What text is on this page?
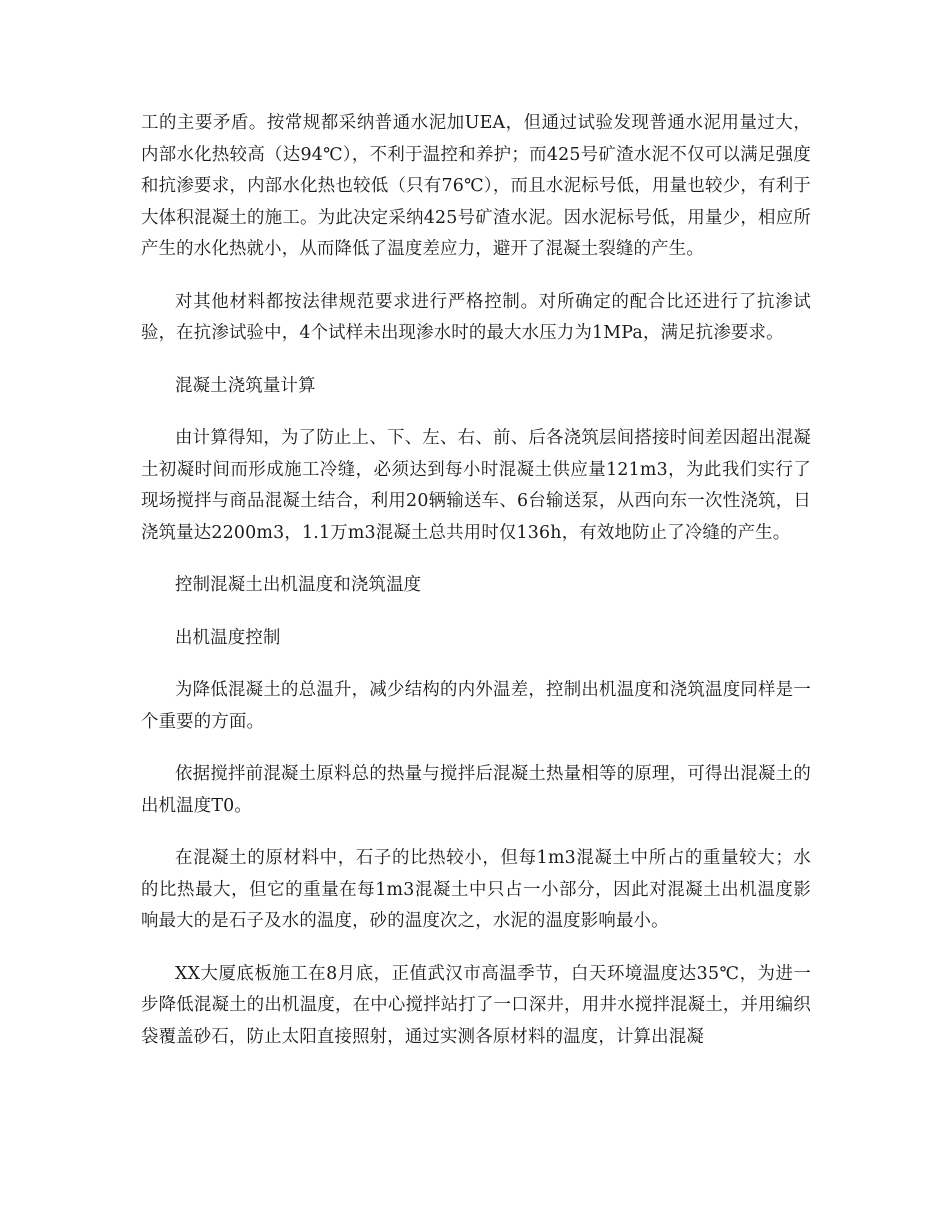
工的主要矛盾。按常规都采纳普通水泥加UEA，但通过试验发现普通水泥用量过大，内部水化热较高（达94℃），不利于温控和养护；而425号矿渣水泥不仅可以满足强度和抗渗要求，内部水化热也较低（只有76℃），而且水泥标号低，用量也较少，有利于大体积混凝土的施工。为此决定采纳425号矿渣水泥。因水泥标号低，用量少，相应所产生的水化热就小，从而降低了温度差应力，避开了混凝土裂缝的产生。

对其他材料都按法律规范要求进行严格控制。对所确定的配合比还进行了抗渗试验，在抗渗试验中，4个试样未出现渗水时的最大水压力为1MPa，满足抗渗要求。

混凝土浇筑量计算

由计算得知，为了防止上、下、左、右、前、后各浇筑层间搭接时间差因超出混凝土初凝时间而形成施工冷缝，必须达到每小时混凝土供应量121m3，为此我们实行了现场搅拌与商品混凝土结合，利用20辆输送车、6台输送泵，从西向东一次性浇筑，日浇筑量达2200m3，1.1万m3混凝土总共用时仅136h，有效地防止了冷缝的产生。

控制混凝土出机温度和浇筑温度

出机温度控制

为降低混凝土的总温升，减少结构的内外温差，控制出机温度和浇筑温度同样是一个重要的方面。

依据搅拌前混凝土原料总的热量与搅拌后混凝土热量相等的原理，可得出混凝土的出机温度T0。

在混凝土的原材料中，石子的比热较小，但每1m3混凝土中所占的重量较大；水的比热最大，但它的重量在每1m3混凝土中只占一小部分，因此对混凝土出机温度影响最大的是石子及水的温度，砂的温度次之，水泥的温度影响最小。

XX大厦底板施工在8月底，正值武汉市高温季节，白天环境温度达35℃，为进一步降低混凝土的出机温度，在中心搅拌站打了一口深井，用井水搅拌混凝土，并用编织袋覆盖砂石，防止太阳直接照射，通过实测各原材料的温度，计算出混凝
